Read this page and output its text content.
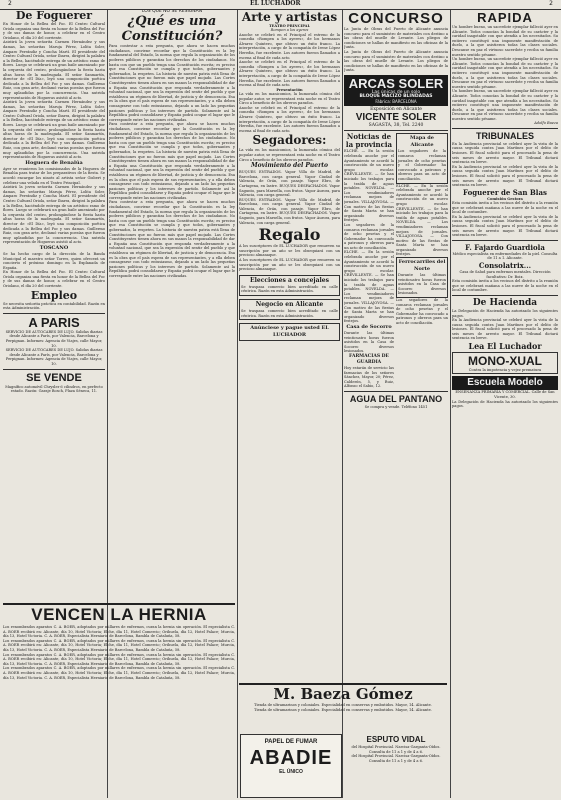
2	EL LUCHADOR	2

De Foguerer

En Honor de la Bellea del Foc. El Centro Cultural Oriola organiza una fiesta en honor de la Bellea del Foc y de sus damas de honor, a celebrar en el Centro Oriolano, el día 20 del corriente.

Asistirá la joven señorita Carmen Hernández y sus damas, las señoritas Maruja Pérez, Lolita Soler, Amparo Ferrándiz y Concha Martí. El presidente del Centro Cultural Oriola, señor Ibarra, dirigirá la palabra a la Bellea, haciéndole entrega de un artístico ramo de flores. Luego se celebrará un gran baile amenizado por la orquesta del centro, prolongándose la fiesta hasta altas horas de la madrugada. El señor Sanmartín, director de «El Día», leyó una composición poética dedicada a la Bellea del Foc y sus damas. Guillermo Ruiz, con gran arte, declamó varias poesías que fueron muy aplaudidas por la concurrencia. Una nutrida representación de Hogueras asistió al acto.

Asistirá la joven señorita Carmen Hernández y sus damas, las señoritas Maruja Pérez, Lolita Soler, Amparo Ferrándiz y Concha Martí. El presidente del Centro Cultural Oriola, señor Ibarra, dirigirá la palabra a la Bellea, haciéndole entrega de un artístico ramo de flores. Luego se celebrará un gran baile amenizado por la orquesta del centro, prolongándose la fiesta hasta altas horas de la madrugada. El señor Sanmartín, director de «El Día», leyó una composición poética dedicada a la Bellea del Foc y sus damas. Guillermo Ruiz, con gran arte, declamó varias poesías que fueron muy aplaudidas por la concurrencia. Una nutrida representación de Hogueras asistió al acto.

Hoguera de Benalúa

Ayer se reunieron los comisionados de la Hoguera de Benalúa para tratar de los preparativos de la fiesta. Se acordó encargar los ninots al artista señor Gisbert y celebrar una velada en el Teatro Principal.

Asistirá la joven señorita Carmen Hernández y sus damas, las señoritas Maruja Pérez, Lolita Soler, Amparo Ferrándiz y Concha Martí. El presidente del Centro Cultural Oriola, señor Ibarra, dirigirá la palabra a la Bellea, haciéndole entrega de un artístico ramo de flores. Luego se celebrará un gran baile amenizado por la orquesta del centro, prolongándose la fiesta hasta altas horas de la madrugada. El señor Sanmartín, director de «El Día», leyó una composición poética dedicada a la Bellea del Foc y sus damas. Guillermo Ruiz, con gran arte, declamó varias poesías que fueron muy aplaudidas por la concurrencia. Una nutrida representación de Hogueras asistió al acto.

TOSCANO

Se ha hecho cargo de la dirección de la Banda Municipal el maestro señor Torres, quien ofrecerá un concierto el próximo domingo en la Explanada de España.

En Honor de la Bellea del Foc. El Centro Cultural Oriola organiza una fiesta en honor de la Bellea del Foc y de sus damas de honor, a celebrar en el Centro Oriolano, el día 20 del corriente.

Empleo

Se necesita señorita práctica en contabilidad. Razón en esta Administración.

A PARIS

SERVICIO DE AUTOCARES DE LUJO. Salidas diarias desde Alicante a París, por Valencia, Barcelona y Perpignan. Informes: Agencia de Viajes, calle Mayor, 10.

SERVICIO DE AUTOCARES DE LUJO. Salidas diarias desde Alicante a París, por Valencia, Barcelona y Perpignan. Informes: Agencia de Viajes, calle Mayor, 10.

SE VENDE

Magnífico automóvil Chrysler 6 cilindros, en perfecto estado. Razón: Garaje Bosch, Plaza Séneca, 11.

LOS QUE NO SE RESIGNAN

¿Qué es una Constitución?

Para contestar a esta pregunta, que ahora se hacen muchos ciudadanos, conviene recordar que la Constitución es la ley fundamental del Estado, la norma que regula la organización de los poderes públicos y garantiza los derechos de los ciudadanos. No basta con que un pueblo tenga una Constitución escrita; es preciso que esa Constitución se cumpla y que todos, gobernantes y gobernados, la respeten. La historia de nuestra patria está llena de Constituciones que no fueron más que papel mojado. Las Cortes Constituyentes tienen ahora en sus manos la responsabilidad de dar a España una Constitución que responda verdaderamente a la voluntad nacional, que sea la expresión del sentir del pueblo y que establezca un régimen de libertad, de justicia y de democracia. Esa es la obra que el país espera de sus representantes, y a ella deben consagrarse con todo entusiasmo, dejando a un lado las pequeñas pasiones políticas y los intereses de partido. Solamente así la República podrá consolidarse y España podrá ocupar el lugar que le corresponde entre las naciones civilizadas.

Para contestar a esta pregunta, que ahora se hacen muchos ciudadanos, conviene recordar que la Constitución es la ley fundamental del Estado, la norma que regula la organización de los poderes públicos y garantiza los derechos de los ciudadanos. No basta con que un pueblo tenga una Constitución escrita; es preciso que esa Constitución se cumpla y que todos, gobernantes y gobernados, la respeten. La historia de nuestra patria está llena de Constituciones que no fueron más que papel mojado. Las Cortes Constituyentes tienen ahora en sus manos la responsabilidad de dar a España una Constitución que responda verdaderamente a la voluntad nacional, que sea la expresión del sentir del pueblo y que establezca un régimen de libertad, de justicia y de democracia. Esa es la obra que el país espera de sus representantes, y a ella deben consagrarse con todo entusiasmo, dejando a un lado las pequeñas pasiones políticas y los intereses de partido. Solamente así la República podrá consolidarse y España podrá ocupar el lugar que le corresponde entre las naciones civilizadas.

Para contestar a esta pregunta, que ahora se hacen muchos ciudadanos, conviene recordar que la Constitución es la ley fundamental del Estado, la norma que regula la organización de los poderes públicos y garantiza los derechos de los ciudadanos. No basta con que un pueblo tenga una Constitución escrita; es preciso que esa Constitución se cumpla y que todos, gobernantes y gobernados, la respeten. La historia de nuestra patria está llena de Constituciones que no fueron más que papel mojado. Las Cortes Constituyentes tienen ahora en sus manos la responsabilidad de dar a España una Constitución que responda verdaderamente a la voluntad nacional, que sea la expresión del sentir del pueblo y que establezca un régimen de libertad, de justicia y de democracia. Esa es la obra que el país espera de sus representantes, y a ella deben consagrarse con todo entusiasmo, dejando a un lado las pequeñas pasiones políticas y los intereses de partido. Solamente así la República podrá consolidarse y España podrá ocupar el lugar que le corresponde entre las naciones civilizadas.

VENCEN LA HERNIA

Los renombrados aparatos C. A. BOER, adoptados por millares de enfermos, curan la hernia sin operación. El especialista C. A. BOER recibirá en: Alicante, día 10, Hotel Victoria; Elche, día 11, Hotel Comercio; Orihuela, día 12, Hotel Palace; Murcia, día 13, Hotel Victoria. C. A. BOER, Especialista Herniario de Barcelona, Rambla de Cataluña, 58.

Los renombrados aparatos C. A. BOER, adoptados por millares de enfermos, curan la hernia sin operación. El especialista C. A. BOER recibirá en: Alicante, día 10, Hotel Victoria; Elche, día 11, Hotel Comercio; Orihuela, día 12, Hotel Palace; Murcia, día 13, Hotel Victoria. C. A. BOER, Especialista Herniario de Barcelona, Rambla de Cataluña, 58.

Los renombrados aparatos C. A. BOER, adoptados por millares de enfermos, curan la hernia sin operación. El especialista C. A. BOER recibirá en: Alicante, día 10, Hotel Victoria; Elche, día 11, Hotel Comercio; Orihuela, día 12, Hotel Palace; Murcia, día 13, Hotel Victoria. C. A. BOER, Especialista Herniario de Barcelona, Rambla de Cataluña, 58.

Los renombrados aparatos C. A. BOER, adoptados por millares de enfermos, curan la hernia sin operación. El especialista C. A. BOER recibirá en: Alicante, día 10, Hotel Victoria; Elche, día 11, Hotel Comercio; Orihuela, día 12, Hotel Palace; Murcia, día 13, Hotel Victoria. C. A. BOER, Especialista Herniario de Barcelona, Rambla de Cataluña, 58.

Arte y artistas

TEATRO PRINCIPAL

Rompen a los ayeres

Anoche se celebró en el Principal el estreno de la comedia «Rompen a los ayeres», de los hermanos Álvarez Quintero, que obtuvo un éxito franco. La interpretación, a cargo de la compañía de Irene López Heredia, fue excelente. Los autores fueron llamados a escena al final de cada acto.

Anoche se celebró en el Principal el estreno de la comedia «Rompen a los ayeres», de los hermanos Álvarez Quintero, que obtuvo un éxito franco. La interpretación, a cargo de la compañía de Irene López Heredia, fue excelente. Los autores fueron llamados a escena al final de cada acto.

Presentación

La vida en los manicomios, la humorada cómica del popular autor, se representará esta noche en el Teatro Circo a beneficio de los obreros parados.

Anoche se celebró en el Principal el estreno de la comedia «Rompen a los ayeres», de los hermanos Álvarez Quintero, que obtuvo un éxito franco. La interpretación, a cargo de la compañía de Irene López Heredia, fue excelente. Los autores fueron llamados a escena al final de cada acto.

Segadores:

La vida en los manicomios, la humorada cómica del popular autor, se representará esta noche en el Teatro Circo a beneficio de los obreros parados.

Movimiento del Puerto

BUQUES ENTRADOS. Vapor Villa de Madrid, de Barcelona, con carga general. Vapor Ciudad de Valencia, de Orán, con pasaje. Vapor Ebro, de Cartagena, en lastre. BUQUES DESPACHADOS. Vapor Sagunto, para Marsella, con frutos. Vapor Aurora, para Valencia, con carga general.

BUQUES ENTRADOS. Vapor Villa de Madrid, de Barcelona, con carga general. Vapor Ciudad de Valencia, de Orán, con pasaje. Vapor Ebro, de Cartagena, en lastre. BUQUES DESPACHADOS. Vapor Sagunto, para Marsella, con frutos. Vapor Aurora, para Valencia, con carga general.

Regalo

A los suscriptores de EL LUCHADOR que renueven su suscripción por un año se les obsequiará con un precioso almanaque.

A los suscriptores de EL LUCHADOR que renueven su suscripción por un año se les obsequiará con un precioso almanaque.

Elecciones a concejales

Se traspasa comercio bien acreditado en calle céntrica. Razón en esta Administración.

Negocio en Alicante

Se traspasa comercio bien acreditado en calle céntrica. Razón en esta Administración.

Anúnciese y pague usted EL LUCHADOR

M. Baeza Gómez

Tienda de ultramarinos y coloniales. Especialidad en conservas y embutidos. Mayor, 14. Alicante.

Tienda de ultramarinos y coloniales. Especialidad en conservas y embutidos. Mayor, 14. Alicante.

PAPEL DE FUMAR

ABADIE

EL ÚNICO

CONCURSO

La Junta de Obras del Puerto de Alicante anuncia concurso para el suministro de materiales con destino a las obras del muelle de Levante. Los pliegos de condiciones se hallan de manifiesto en las oficinas de la Junta.

La Junta de Obras del Puerto de Alicante anuncia concurso para el suministro de materiales con destino a las obras del muelle de Levante. Los pliegos de condiciones se hallan de manifiesto en las oficinas de la Junta.

ARCAS SOLER

Las únicas de un solo

BLOQUE MACIZO BLINDADAS

Fábrica: BARCELONA

Exposición en Alicante

VICENTE SOLER

SAGASTA, 38, Tel. 2240

Noticias de la provincia

ELCHE. — En la sesión celebrada anoche por el Ayuntamiento se acordó la construcción de un nuevo grupo escolar. CREVILLENTE. — Se han iniciado los trabajos para la traída de aguas potables. NOVELDA. — Los vendimiadores reclaman mejora de jornales. VILLAJOYOSA. — Con motivo de las fiestas de Santa Marta se han organizado diversos festejos.

Los segadores de la comarca reclaman jornales de ocho pesetas y el Gobernador ha convocado a patronos y obreros para un acto de conciliación.

ELCHE. — En la sesión celebrada anoche por el Ayuntamiento se acordó la construcción de un nuevo grupo escolar. CREVILLENTE. — Se han iniciado los trabajos para la traída de aguas potables. NOVELDA. — Los vendimiadores reclaman mejora de jornales. VILLAJOYOSA. — Con motivo de las fiestas de Santa Marta se han organizado diversos festejos.

Casa de Socorro

Durante las últimas veinticuatro horas fueron asistidos en la Casa de Socorro diversos lesionados.

FARMACIAS DE GUARDIA

Hoy estarán de servicio las farmacias de los señores Sánchez, Mayor, 20; Pérez, Calderón, 5, y Ruiz, Alfonso el Sabio, 12.

Mapa de Alicante

Los segadores de la comarca reclaman jornales de ocho pesetas y el Gobernador ha convocado a patronos y obreros para un acto de conciliación.

ELCHE. — En la sesión celebrada anoche por el Ayuntamiento se acordó la construcción de un nuevo grupo escolar. CREVILLENTE. — Se han iniciado los trabajos para la traída de aguas potables. NOVELDA. — Los vendimiadores reclaman mejora de jornales. VILLAJOYOSA. — Con motivo de las fiestas de Santa Marta se han organizado diversos festejos.

Ferrocarriles del Norte

Durante las últimas veinticuatro horas fueron asistidos en la Casa de Socorro diversos lesionados.

Los segadores de la comarca reclaman jornales de ocho pesetas y el Gobernador ha convocado a patronos y obreros para un acto de conciliación.

AGUA DEL PANTANO

Se compra y vende. Teléfono 1451

ESPUTO VIDAL

del Hospital Provincial. Narcisa-Garganta-Oídos. Consulta de 11 a 1 y de 4 a 6.

del Hospital Provincial. Narcisa-Garganta-Oídos. Consulta de 11 a 1 y de 4 a 6.

RAPIDA

Un hombre bueno, un sacerdote ejemplar falleció ayer en Alicante. Todos conocían la bondad de su carácter y la caridad inagotable con que atendía a los necesitados. Su entierro constituyó una imponente manifestación de duelo, a la que asistieron todas las clases sociales. Descanse en paz el virtuoso sacerdote y reciba su familia nuestro sentido pésame.

Un hombre bueno, un sacerdote ejemplar falleció ayer en Alicante. Todos conocían la bondad de su carácter y la caridad inagotable con que atendía a los necesitados. Su entierro constituyó una imponente manifestación de duelo, a la que asistieron todas las clases sociales. Descanse en paz el virtuoso sacerdote y reciba su familia nuestro sentido pésame.

Un hombre bueno, un sacerdote ejemplar falleció ayer en Alicante. Todos conocían la bondad de su carácter y la caridad inagotable con que atendía a los necesitados. Su entierro constituyó una imponente manifestación de duelo, a la que asistieron todas las clases sociales. Descanse en paz el virtuoso sacerdote y reciba su familia nuestro sentido pésame.

Adolfo Baeza

TRIBUNALES

En la Audiencia provincial se celebró ayer la vista de la causa seguida contra Juan Martínez por el delito de lesiones. El fiscal solicitó para el procesado la pena de seis meses de arresto mayor. El Tribunal dictará sentencia en breve.

En la Audiencia provincial se celebró ayer la vista de la causa seguida contra Juan Martínez por el delito de lesiones. El fiscal solicitó para el procesado la pena de seis meses de arresto mayor. El Tribunal dictará sentencia en breve.

Foguerer de San Blas

Comisión Gestora

Esta comisión invita a los vecinos del distrito a la reunión que se celebrará mañana a las nueve de la noche en el local de costumbre.

En la Audiencia provincial se celebró ayer la vista de la causa seguida contra Juan Martínez por el delito de lesiones. El fiscal solicitó para el procesado la pena de seis meses de arresto mayor. El Tribunal dictará sentencia en breve.

F. Fajardo Guardiola

Médico especialista en enfermedades de la piel. Consulta de 11 a 1. Alicante.

Consolatrix...

Casa de Salud para enfermos mentales. Dirección facultativa: Dr. Boix.

Esta comisión invita a los vecinos del distrito a la reunión que se celebrará mañana a las nueve de la noche en el local de costumbre.

De Hacienda

La Delegación de Hacienda ha autorizado los siguientes pagos.

En la Audiencia provincial se celebró ayer la vista de la causa seguida contra Juan Martínez por el delito de lesiones. El fiscal solicitó para el procesado la pena de seis meses de arresto mayor. El Tribunal dictará sentencia en breve.

Lea El Luchador

MONO-XUAL

Contra la impotencia y vejez prematura

Escuela Modelo

ENSEÑANZA PRIMARIA Y COMERCIAL. Calle de San Vicente, 30.

La Delegación de Hacienda ha autorizado los siguientes pagos.
